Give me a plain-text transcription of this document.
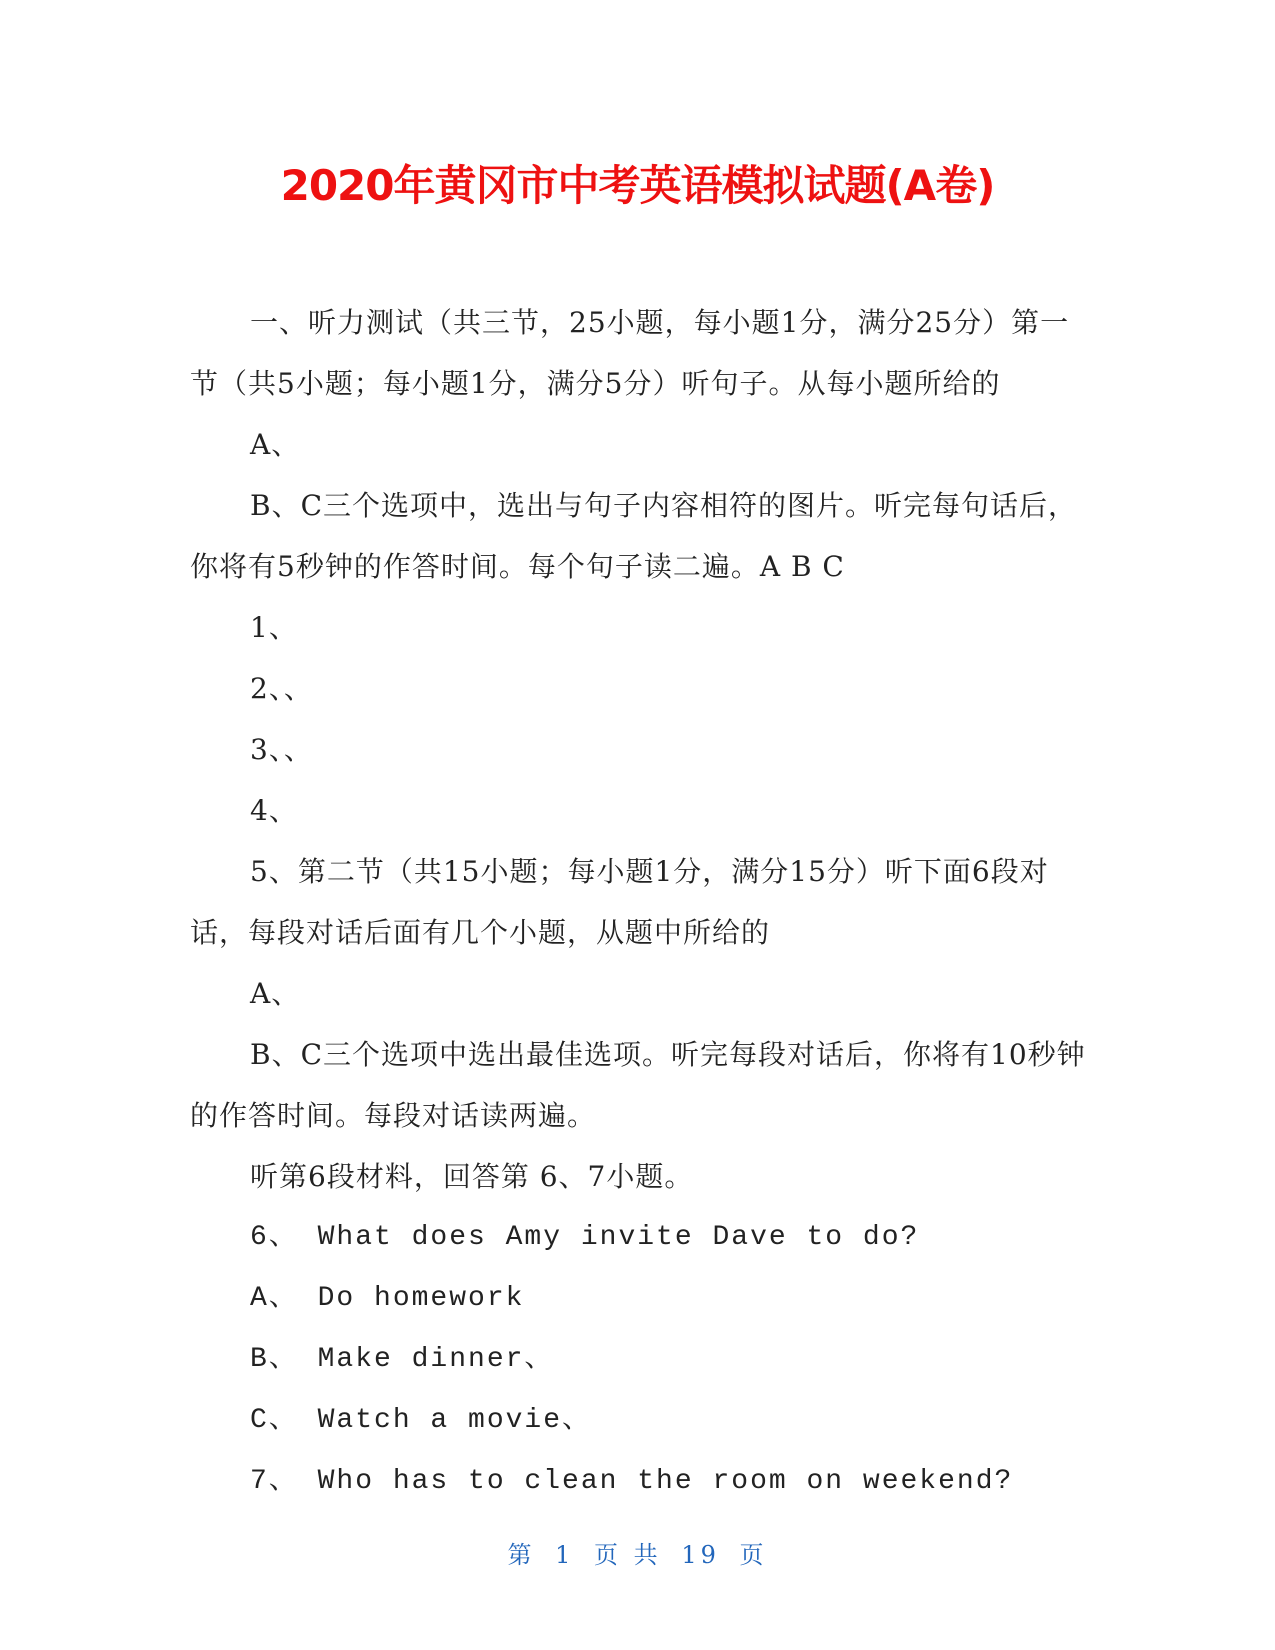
2020年黄冈市中考英语模拟试题(A卷)

一、听力测试（共三节，25小题，每小题1分，满分25分）第一节（共5小题；每小题1分，满分5分）听句子。从每小题所给的

A、

B、C三个选项中，选出与句子内容相符的图片。听完每句话后，你将有5秒钟的作答时间。每个句子读二遍。A B C

1、

2、、

3、、

4、

5、第二节（共15小题；每小题1分，满分15分）听下面6段对话，每段对话后面有几个小题，从题中所给的

A、

B、C三个选项中选出最佳选项。听完每段对话后，你将有10秒钟的作答时间。每段对话读两遍。

听第6段材料，回答第 6、7小题。

6、 What does Amy invite Dave to do?

A、 Do homework

B、 Make dinner、

C、 Watch a movie、

7、 Who has to clean the room on weekend?

第 1 页 共 19 页
